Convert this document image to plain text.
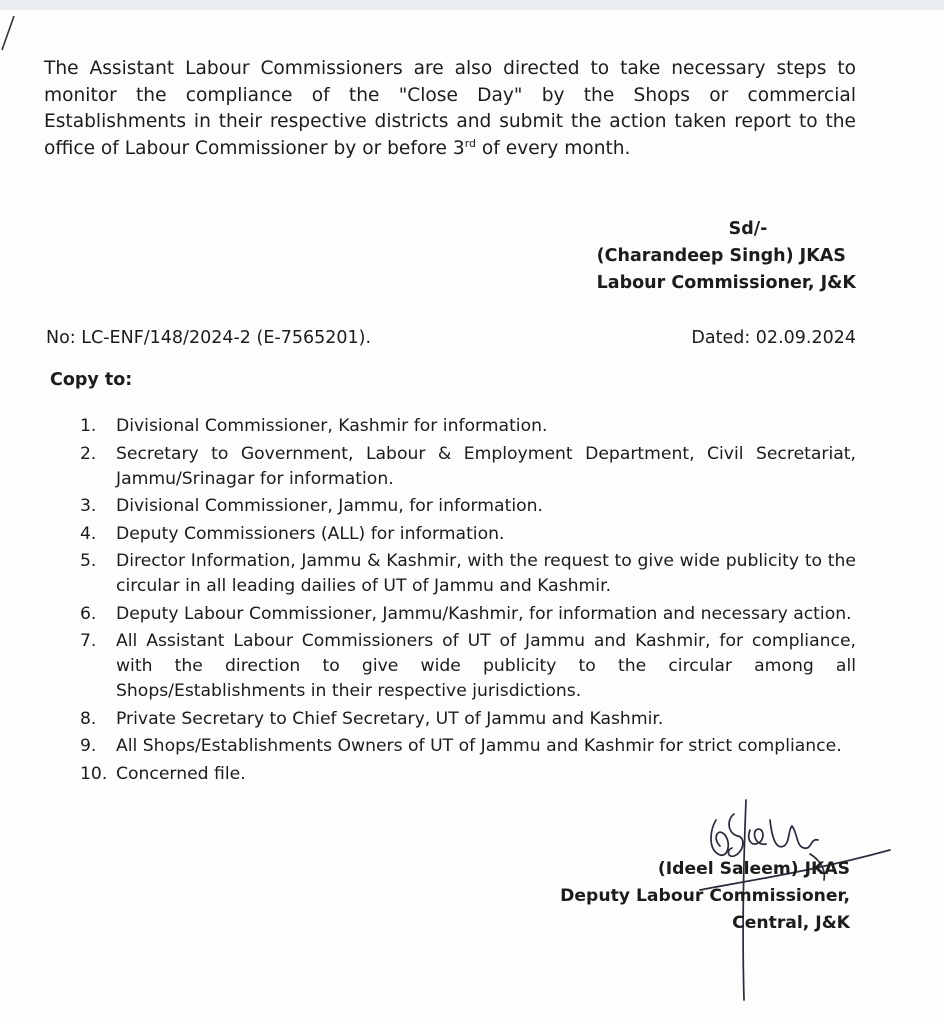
The Assistant Labour Commissioners are also directed to take necessary steps to monitor the compliance of the "Close Day" by the Shops or commercial Establishments in their respective districts and submit the action taken report to the office of Labour Commissioner by or before 3rd of every month.

Sd/-
(Charandeep Singh) JKAS
Labour Commissioner, J&K
No: LC-ENF/148/2024-2 (E-7565201).	Dated: 02.09.2024
Copy to:
1.	Divisional Commissioner, Kashmir for information.
2.	Secretary to Government, Labour & Employment Department, Civil Secretariat, Jammu/Srinagar for information.
3.	Divisional Commissioner, Jammu, for information.
4.	Deputy Commissioners (ALL) for information.
5.	Director Information, Jammu & Kashmir, with the request to give wide publicity to the circular in all leading dailies of UT of Jammu and Kashmir.
6.	Deputy Labour Commissioner, Jammu/Kashmir, for information and necessary action.
7.	All Assistant Labour Commissioners of UT of Jammu and Kashmir, for compliance, with the direction to give wide publicity to the circular among all Shops/Establishments in their respective jurisdictions.
8.	Private Secretary to Chief Secretary, UT of Jammu and Kashmir.
9.	All Shops/Establishments Owners of UT of Jammu and Kashmir for strict compliance.
10. Concerned file.
(Ideel Saleem) JKAS
Deputy Labour Commissioner,
Central, J&K
